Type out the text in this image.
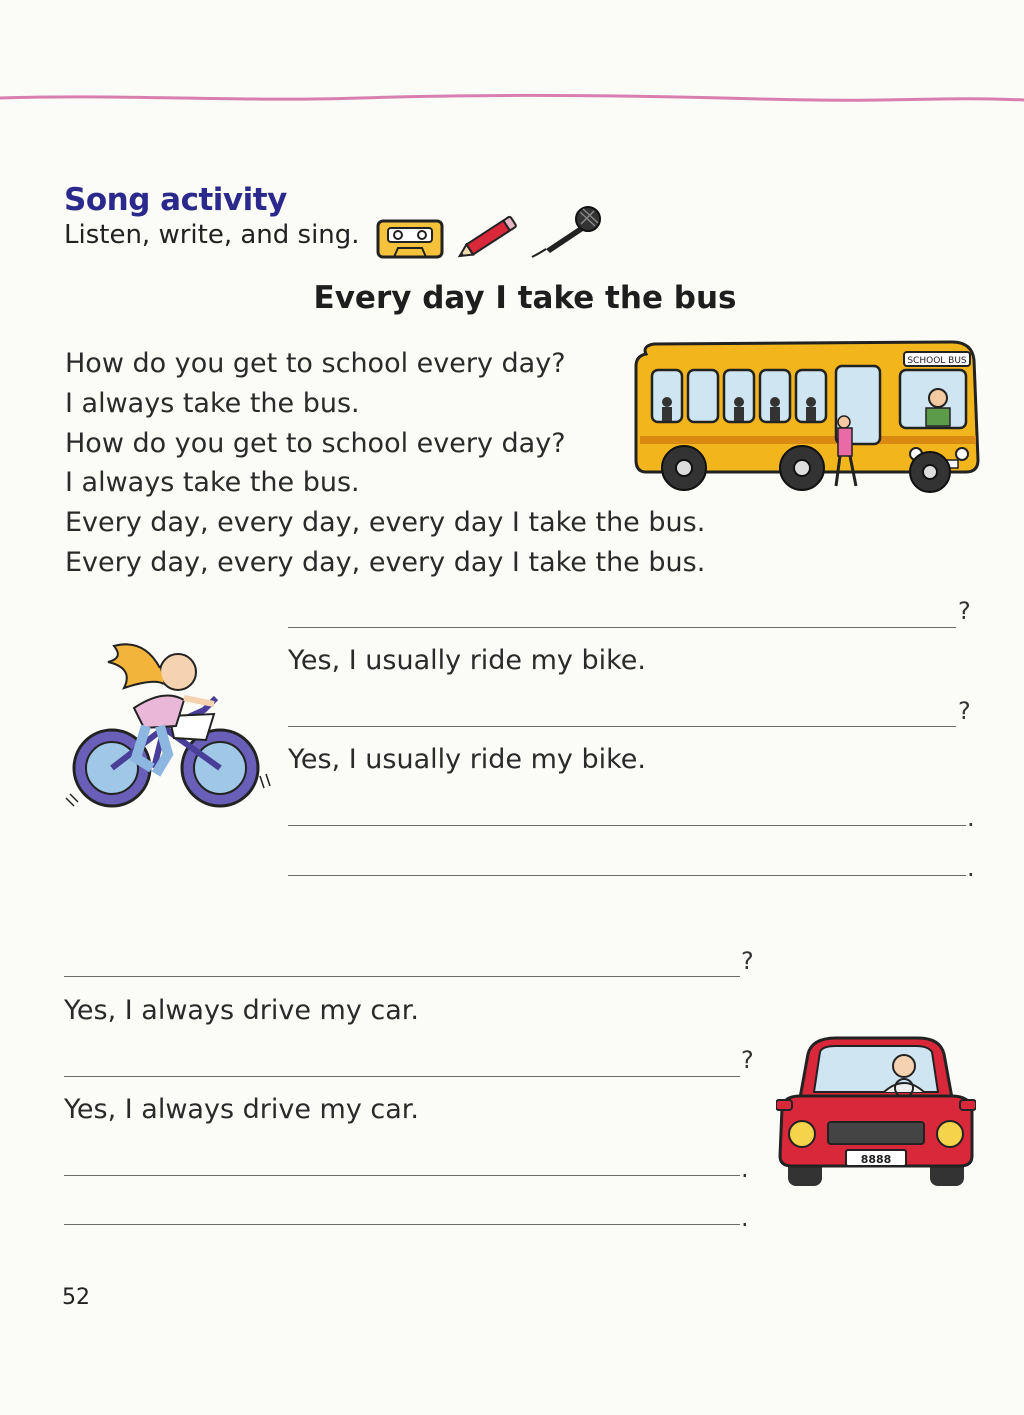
Song activity
Listen, write, and sing.
Every day I take the bus
How do you get to school every day?
I always take the bus.
How do you get to school every day?
I always take the bus.
Every day, every day, every day I take the bus.
Every day, every day, every day I take the bus.
SCHOOL BUS
?
Yes, I usually ride my bike.
?
Yes, I usually ride my bike.
.
.
?
Yes, I always drive my car.
?
Yes, I always drive my car.
.
.
8888
52
